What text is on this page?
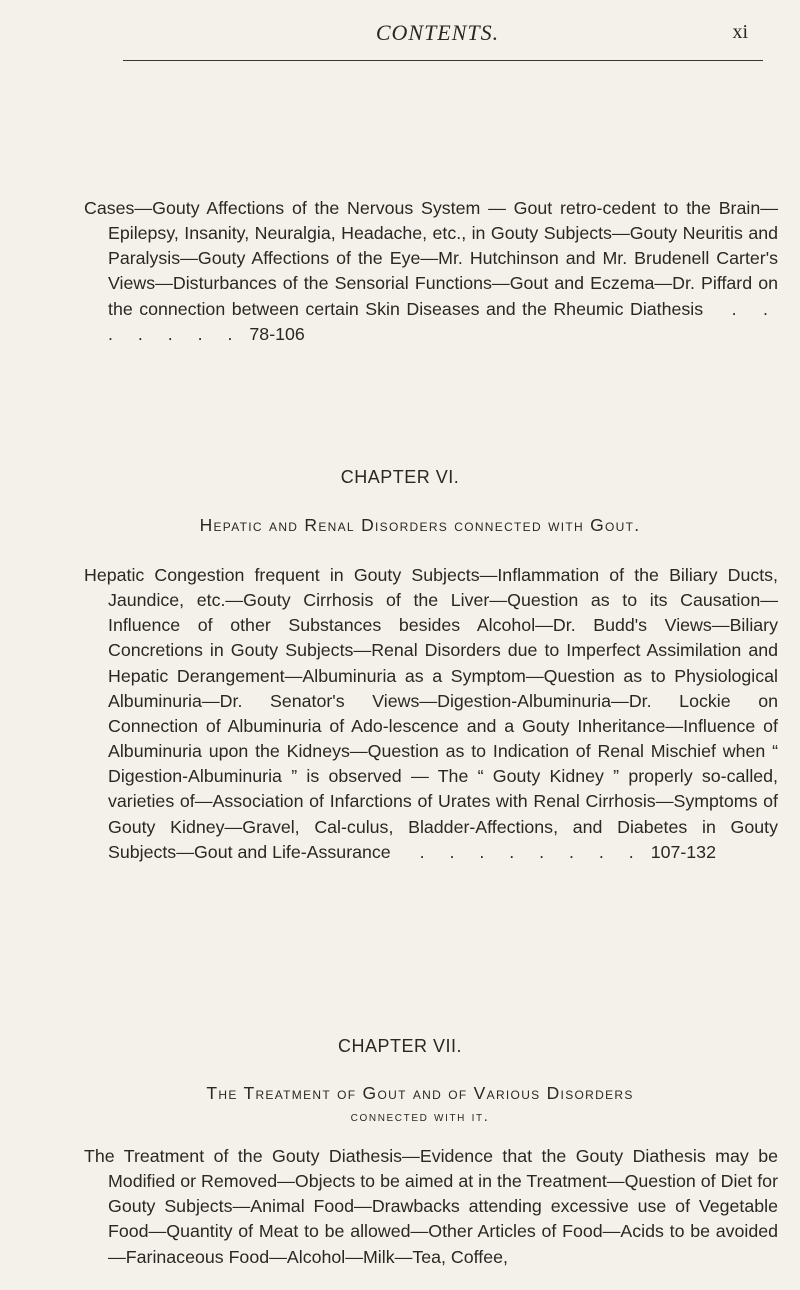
CONTENTS.	xi
Cases—Gouty Affections of the Nervous System — Gout retro-cedent to the Brain—Epilepsy, Insanity, Neuralgia, Headache, etc., in Gouty Subjects—Gouty Neuritis and Paralysis—Gouty Affections of the Eye—Mr. Hutchinson and Mr. Brudenell Carter's Views—Disturbances of the Sensorial Functions—Gout and Eczema—Dr. Piffard on the connection between certain Skin Diseases and the Rheumic Diathesis . . . . . . . 78-106
CHAPTER VI.
Hepatic and Renal Disorders connected with Gout.
Hepatic Congestion frequent in Gouty Subjects—Inflammation of the Biliary Ducts, Jaundice, etc.—Gouty Cirrhosis of the Liver—Question as to its Causation—Influence of other Substances besides Alcohol—Dr. Budd's Views—Biliary Concretions in Gouty Subjects—Renal Disorders due to Imperfect Assimilation and Hepatic Derangement—Albuminuria as a Symptom—Question as to Physiological Albuminuria—Dr. Senator's Views—Digestion-Albuminuria—Dr. Lockie on Connection of Albuminuria of Ado-lescence and a Gouty Inheritance—Influence of Albuminuria upon the Kidneys—Question as to Indication of Renal Mischief when “ Digestion-Albuminuria ” is observed — The “ Gouty Kidney ” properly so-called, varieties of—Association of Infarctions of Urates with Renal Cirrhosis—Symptoms of Gouty Kidney—Gravel, Cal-culus, Bladder-Affections, and Diabetes in Gouty Subjects—Gout and Life-Assurance . . . . . . . . 107-132
CHAPTER VII.
The Treatment of Gout and of Various Disorders
connected with it.
The Treatment of the Gouty Diathesis—Evidence that the Gouty Diathesis may be Modified or Removed—Objects to be aimed at in the Treatment—Question of Diet for Gouty Subjects—Animal Food—Drawbacks attending excessive use of Vegetable Food—Quantity of Meat to be allowed—Other Articles of Food—Acids to be avoided—Farinaceous Food—Alcohol—Milk—Tea, Coffee,
